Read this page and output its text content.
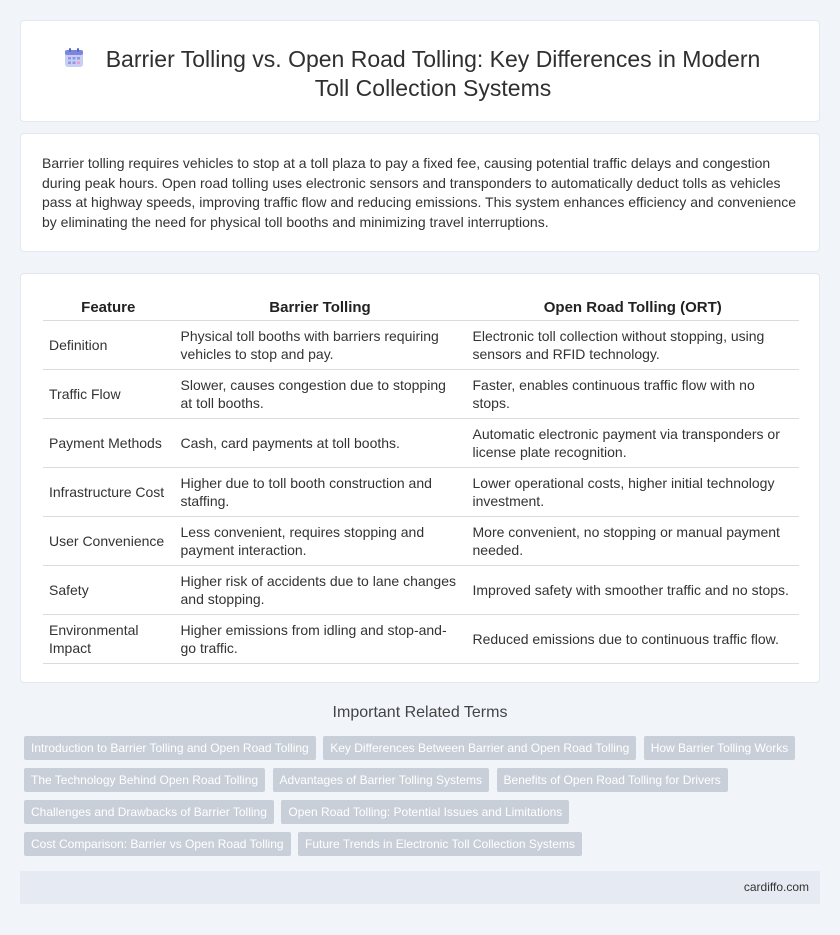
Barrier Tolling vs. Open Road Tolling: Key Differences in Modern Toll Collection Systems

Barrier tolling requires vehicles to stop at a toll plaza to pay a fixed fee, causing potential traffic delays and congestion during peak hours. Open road tolling uses electronic sensors and transponders to automatically deduct tolls as vehicles pass at highway speeds, improving traffic flow and reducing emissions. This system enhances efficiency and convenience by eliminating the need for physical toll booths and minimizing travel interruptions.

Feature	Barrier Tolling	Open Road Tolling (ORT)
Definition	Physical toll booths with barriers requiring vehicles to stop and pay.	Electronic toll collection without stopping, using sensors and RFID technology.
Traffic Flow	Slower, causes congestion due to stopping at toll booths.	Faster, enables continuous traffic flow with no stops.
Payment Methods	Cash, card payments at toll booths.	Automatic electronic payment via transponders or license plate recognition.
Infrastructure Cost	Higher due to toll booth construction and staffing.	Lower operational costs, higher initial technology investment.
User Convenience	Less convenient, requires stopping and payment interaction.	More convenient, no stopping or manual payment needed.
Safety	Higher risk of accidents due to lane changes and stopping.	Improved safety with smoother traffic and no stops.
Environmental Impact	Higher emissions from idling and stop-and-go traffic.	Reduced emissions due to continuous traffic flow.
Important Related Terms
Introduction to Barrier Tolling and Open Road Tolling Key Differences Between Barrier and Open Road Tolling How Barrier Tolling Works
The Technology Behind Open Road Tolling Advantages of Barrier Tolling Systems Benefits of Open Road Tolling for Drivers
Challenges and Drawbacks of Barrier Tolling Open Road Tolling: Potential Issues and Limitations
Cost Comparison: Barrier vs Open Road Tolling Future Trends in Electronic Toll Collection Systems
cardiffo.com
